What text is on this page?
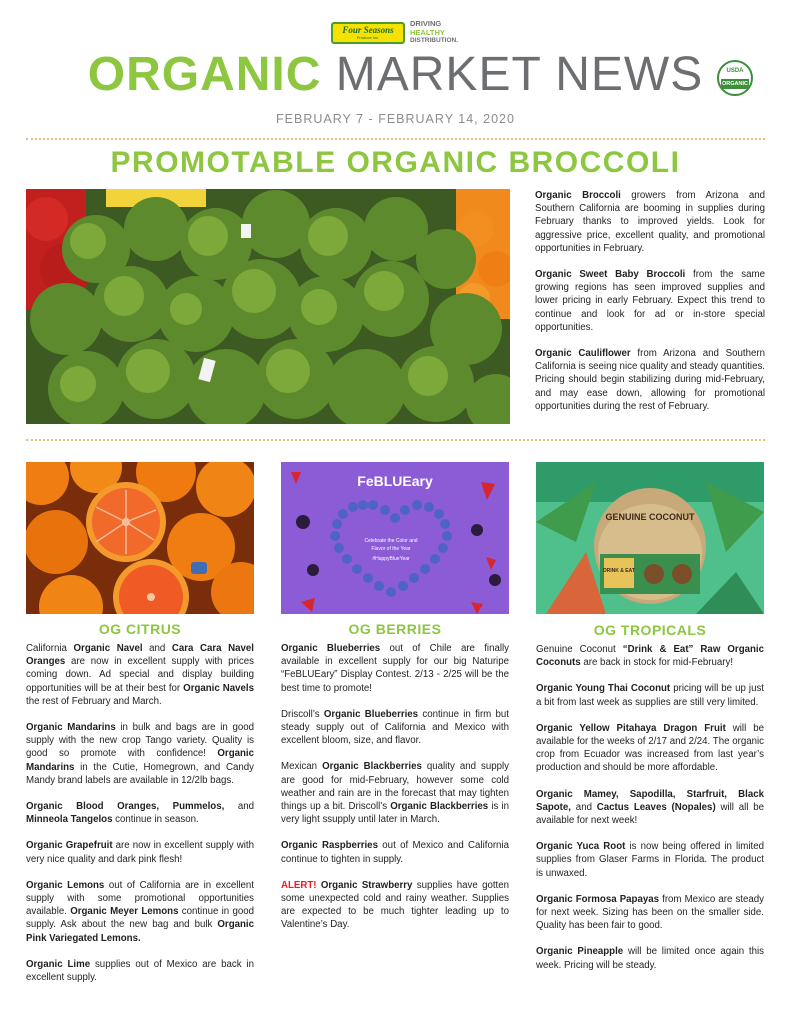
Four Seasons
Produce Inc.
DRIVING
HEALTHY
DISTRIBUTION.
ORGANIC MARKET NEWS	USDA
ORGANIC
FEBRUARY 7 - FEBRUARY 14, 2020
PROMOTABLE ORGANIC BROCCOLI

Organic Broccoli growers from Arizona and Southern California are booming in supplies during February thanks to improved yields. Look for aggressive price, excellent quality, and promotional opportunities in February.

Organic Sweet Baby Broccoli from the same growing regions has seen improved supplies and lower pricing in early February. Expect this trend to continue and look for ad or in-store special opportunities.

Organic Cauliflower from Arizona and Southern California is seeing nice quality and steady quantities. Pricing should begin stabilizing during mid-February, and may ease down, allowing for promotional opportunities during the rest of February.

FeBLUEary
Celebrate the Color and
Flavor of the Year
#HappyBlueYear
GENUINE COCONUT
DRINK & EAT
OG CITRUS	OG BERRIES	OG TROPICALS

California Organic Navel and Cara Cara Navel Oranges are now in excellent supply with prices coming down. Ad special and display building opportunities will be at their best for Organic Navels the rest of February and March.

Organic Mandarins in bulk and bags are in good supply with the new crop Tango variety. Quality is good so promote with confidence! Organic Mandarins in the Cutie, Homegrown, and Candy Mandy brand labels are available in 12/2lb bags.

Organic Blood Oranges, Pummelos, and Minneola Tangelos continue in season.

Organic Grapefruit are now in excellent supply with very nice quality and dark pink flesh!

Organic Lemons out of California are in excellent supply with some promotional opportunities available. Organic Meyer Lemons continue in good supply. Ask about the new bag and bulk Organic Pink Variegated Lemons.

Organic Lime supplies out of Mexico are back in excellent supply.

Organic Blueberries out of Chile are finally available in excellent supply for our big Naturipe “FeBLUEary” Display Contest. 2/13 - 2/25 will be the best time to promote!

Driscoll’s Organic Blueberries continue in firm but steady supply out of California and Mexico with excellent bloom, size, and flavor.

Mexican Organic Blackberries quality and supply are good for mid-February, however some cold weather and rain are in the forecast that may tighten things up a bit. Driscoll’s Organic Blackberries is in very light ssupply until later in March.

Organic Raspberries out of Mexico and California continue to tighten in supply.

ALERT! Organic Strawberry supplies have gotten some unexpected cold and rainy weather. Supplies are expected to be much tighter leading up to Valentine’s Day.

Genuine Coconut “Drink & Eat” Raw Organic Coconuts are back in stock for mid-February!

Organic Young Thai Coconut pricing will be up just a bit from last week as supplies are still very limited.

Organic Yellow Pitahaya Dragon Fruit will be available for the weeks of 2/17 and 2/24. The organic crop from Ecuador was increased from last year’s production and should be more affordable.

Organic Mamey, Sapodilla, Starfruit, Black Sapote, and Cactus Leaves (Nopales) will all be available for next week!

Organic Yuca Root is now being offered in limited supplies from Glaser Farms in Florida. The product is unwaxed.

Organic Formosa Papayas from Mexico are steady for next week. Sizing has been on the smaller side. Quality has been fair to good.

Organic Pineapple will be limited once again this week. Pricing will be steady.
